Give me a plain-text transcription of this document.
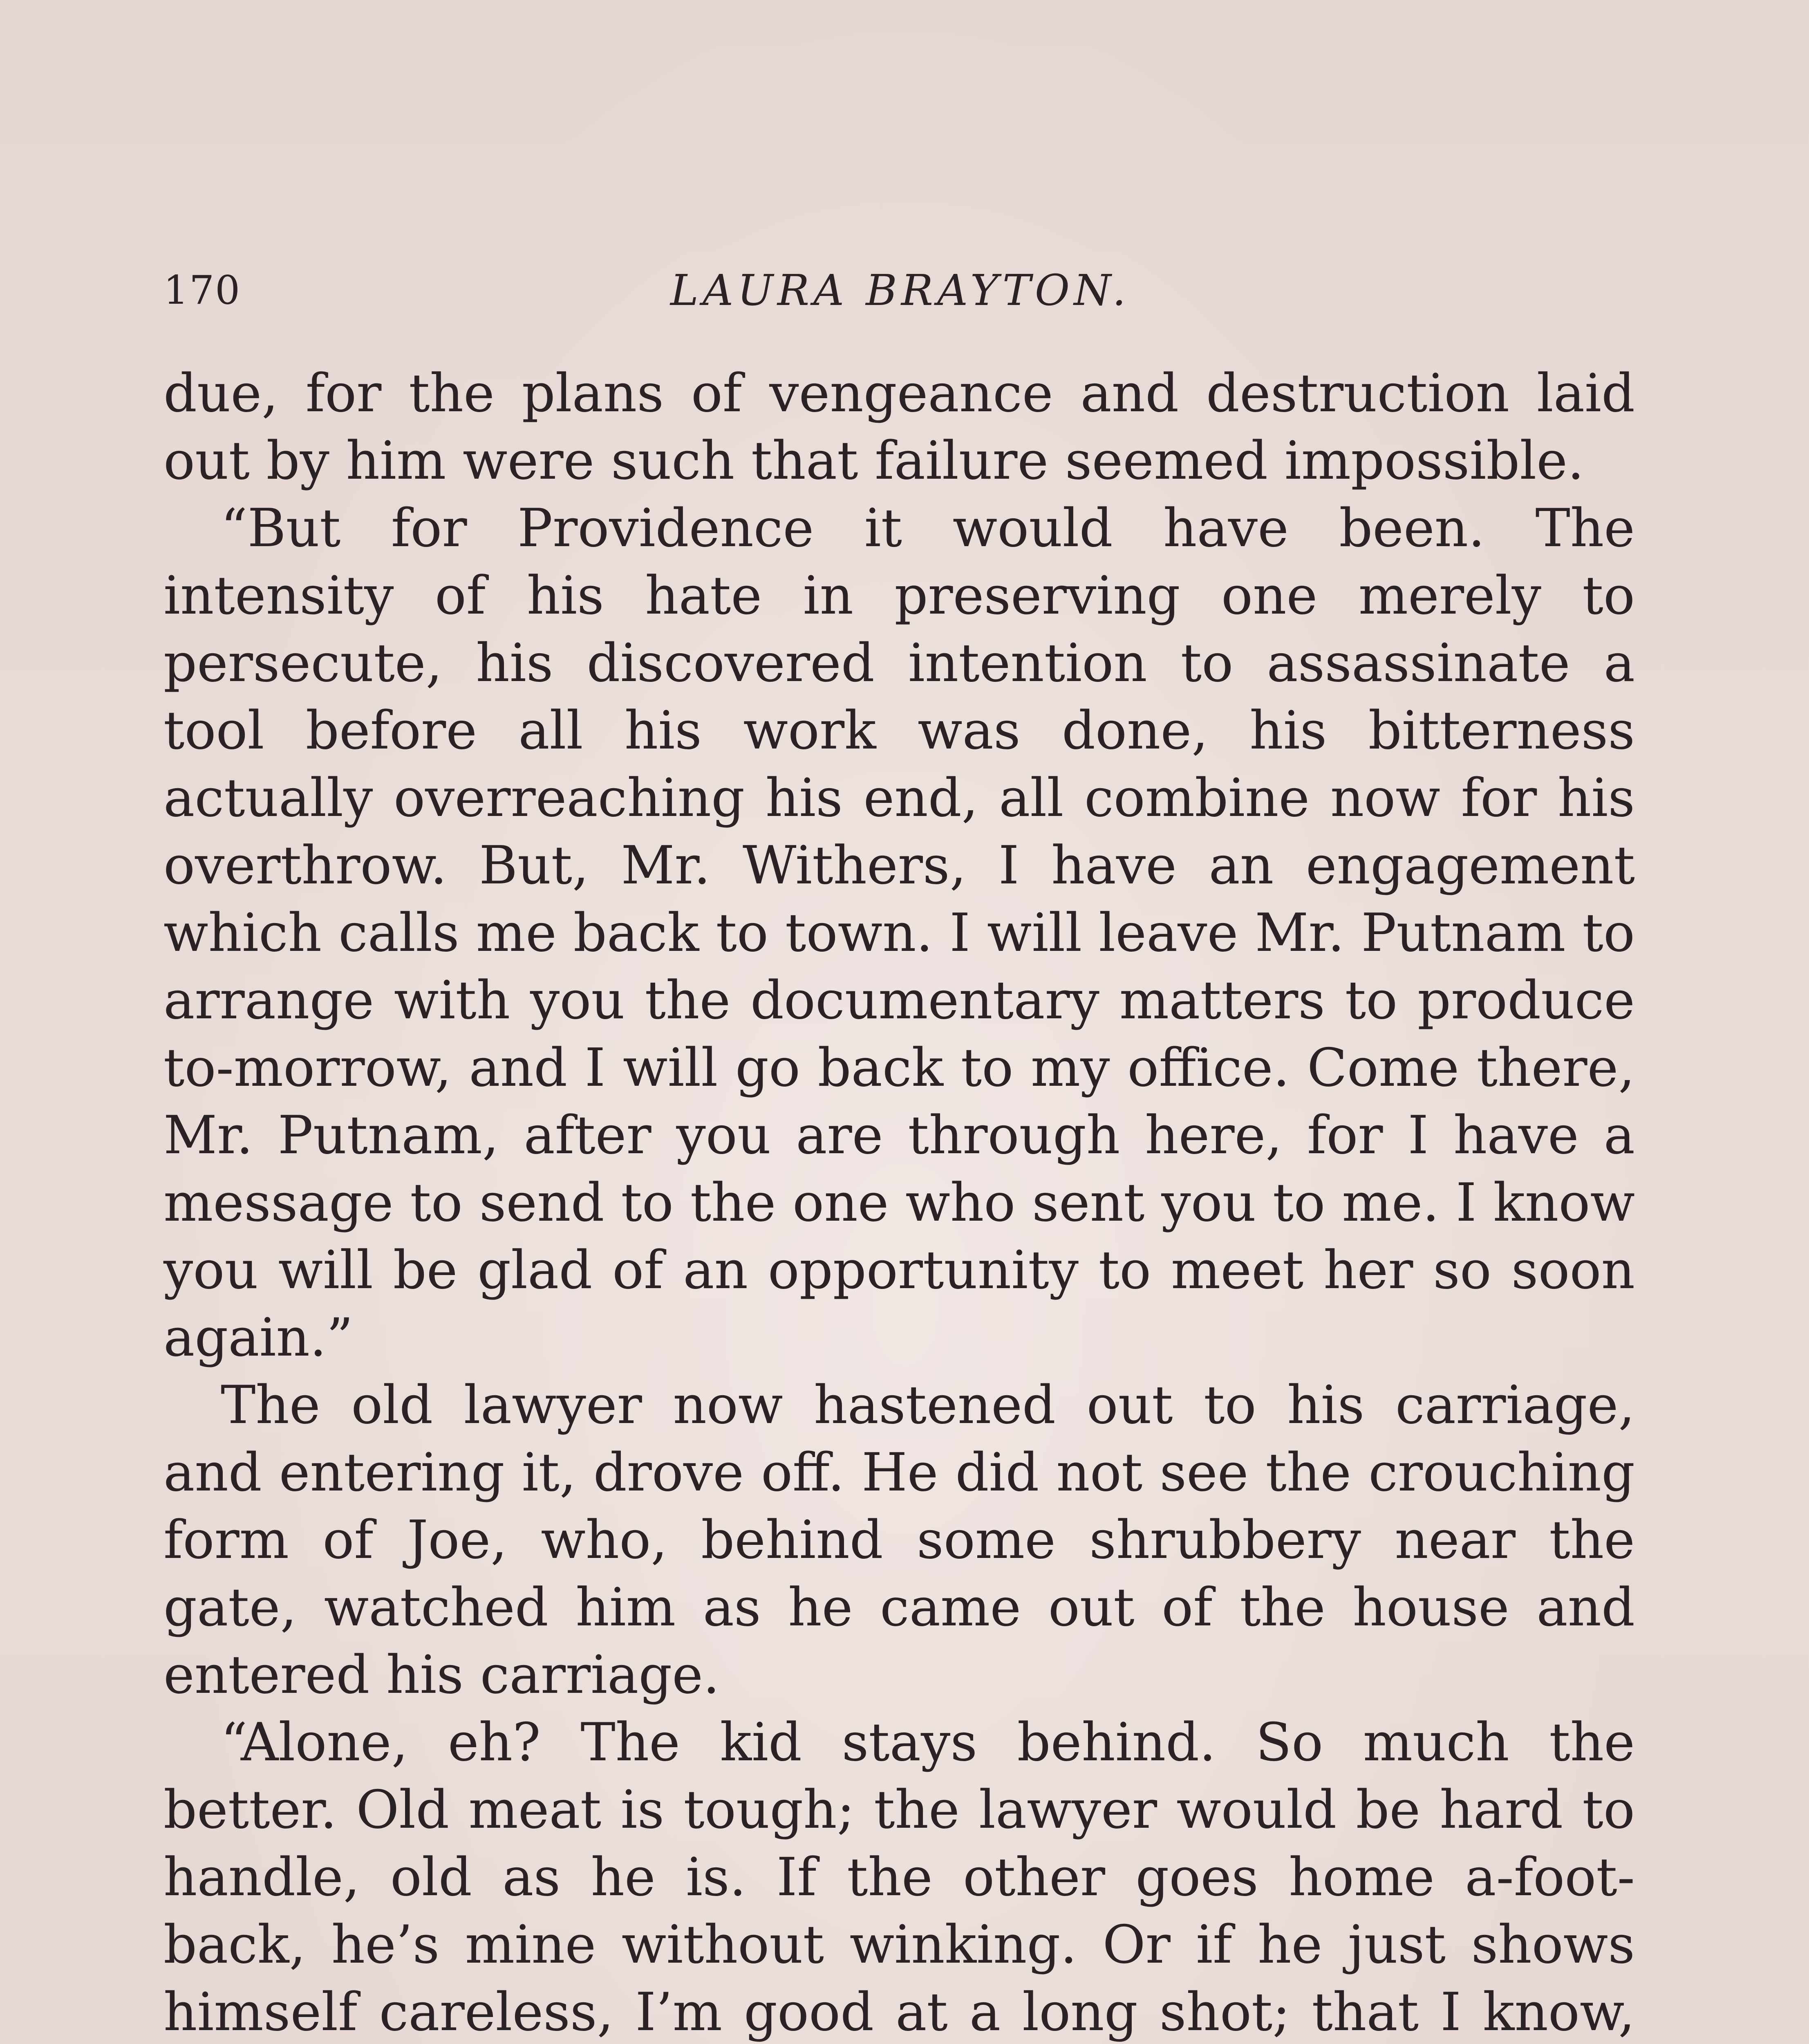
170	LAURA BRAYTON.

due, for the plans of vengeance and destruction laid out by him were such that failure seemed impossible.

“But for Providence it would have been. The intensity of his hate in preserving one merely to persecute, his discovered intention to assassinate a tool before all his work was done, his bitterness actually overreaching his end, all combine now for his overthrow. But, Mr. Withers, I have an engagement which calls me back to town. I will leave Mr. Putnam to arrange with you the documentary matters to produce to-morrow, and I will go back to my office. Come there, Mr. Putnam, after you are through here, for I have a message to send to the one who sent you to me. I know you will be glad of an opportunity to meet her so soon again.”

The old lawyer now hastened out to his carriage, and entering it, drove off. He did not see the crouching form of Joe, who, behind some shrubbery near the gate, watched him as he came out of the house and entered his carriage.

“Alone, eh? The kid stays behind. So much the better. Old meat is tough; the lawyer would be hard to handle, old as he is. If the other goes home a-foot-back, he’s mine without winking. Or if he just shows himself careless, I’m good at a long shot; that I know,
